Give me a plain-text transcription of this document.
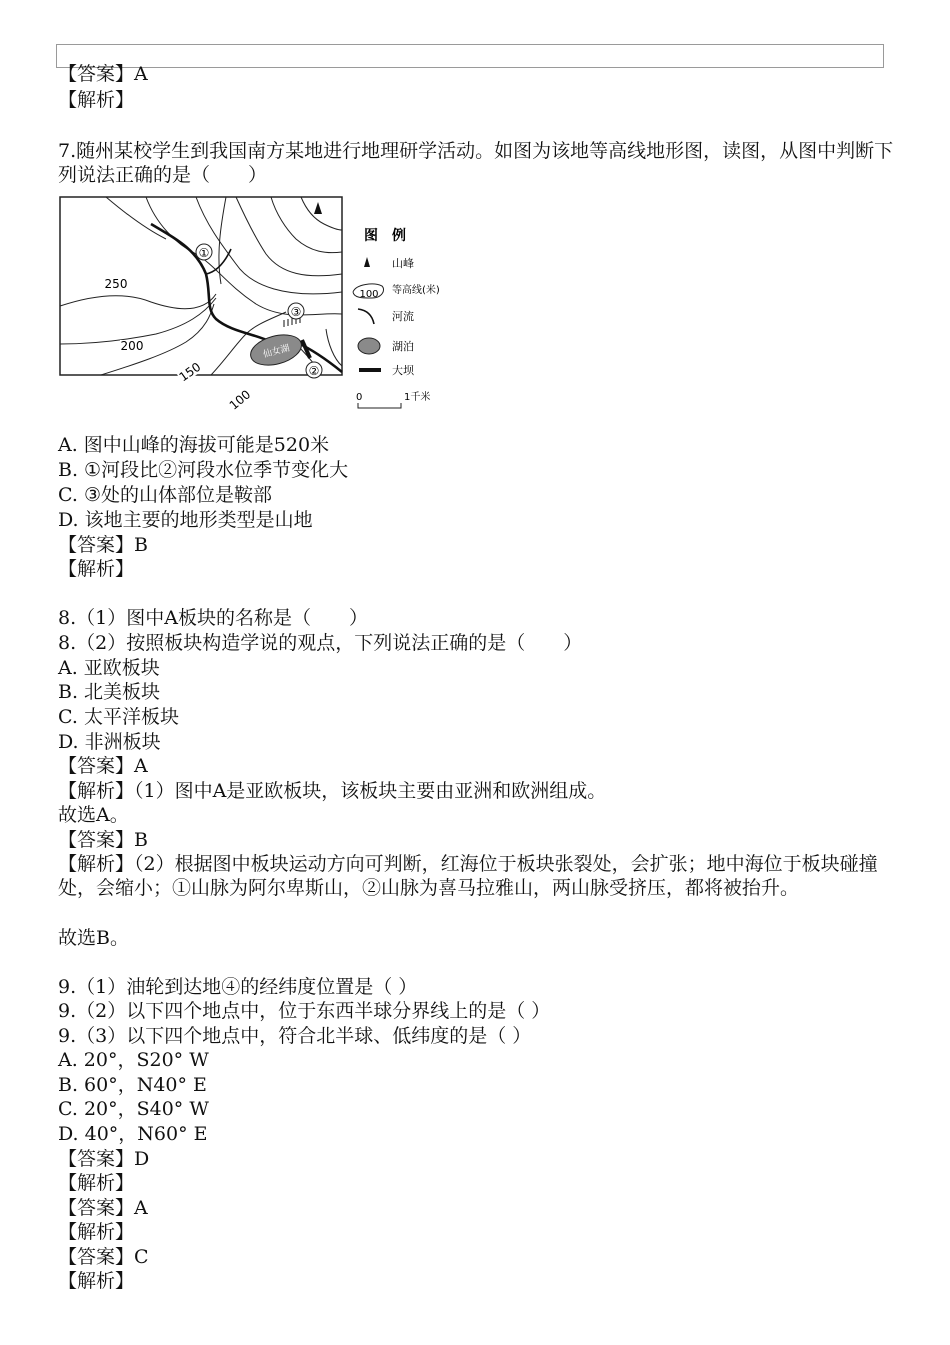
【答案】A
【解析】
7.随州某校学生到我国南方某地进行地理研学活动。如图为该地等高线地形图，读图，从图中判断下列说法正确的是（　　）
仙女湖
250
200
150
100
①
②
③
图　例
山峰
100 等高线(米)
河流
湖泊
大坝
0	1千米
A. 图中山峰的海拔可能是520米
B. ①河段比②河段水位季节变化大
C. ③处的山体部位是鞍部
D. 该地主要的地形类型是山地
【答案】B
【解析】
8.（1）图中A板块的名称是（　　）
8.（2）按照板块构造学说的观点，下列说法正确的是（　　）
A. 亚欧板块
B. 北美板块
C. 太平洋板块
D. 非洲板块
【答案】A
【解析】（1）图中A是亚欧板块，该板块主要由亚洲和欧洲组成。
故选A。
【答案】B
【解析】（2）根据图中板块运动方向可判断，红海位于板块张裂处，会扩张；地中海位于板块碰撞处，会缩小；①山脉为阿尔卑斯山，②山脉为喜马拉雅山，两山脉受挤压，都将被抬升。
故选B。
9.（1）油轮到达地④的经纬度位置是（ ）
9.（2）以下四个地点中，位于东西半球分界线上的是（ ）
9.（3）以下四个地点中，符合北半球、低纬度的是（ ）
A. 20°，S20° W
B. 60°，N40° E
C. 20°，S40° W
D. 40°，N60° E
【答案】D
【解析】
【答案】A
【解析】
【答案】C
【解析】
